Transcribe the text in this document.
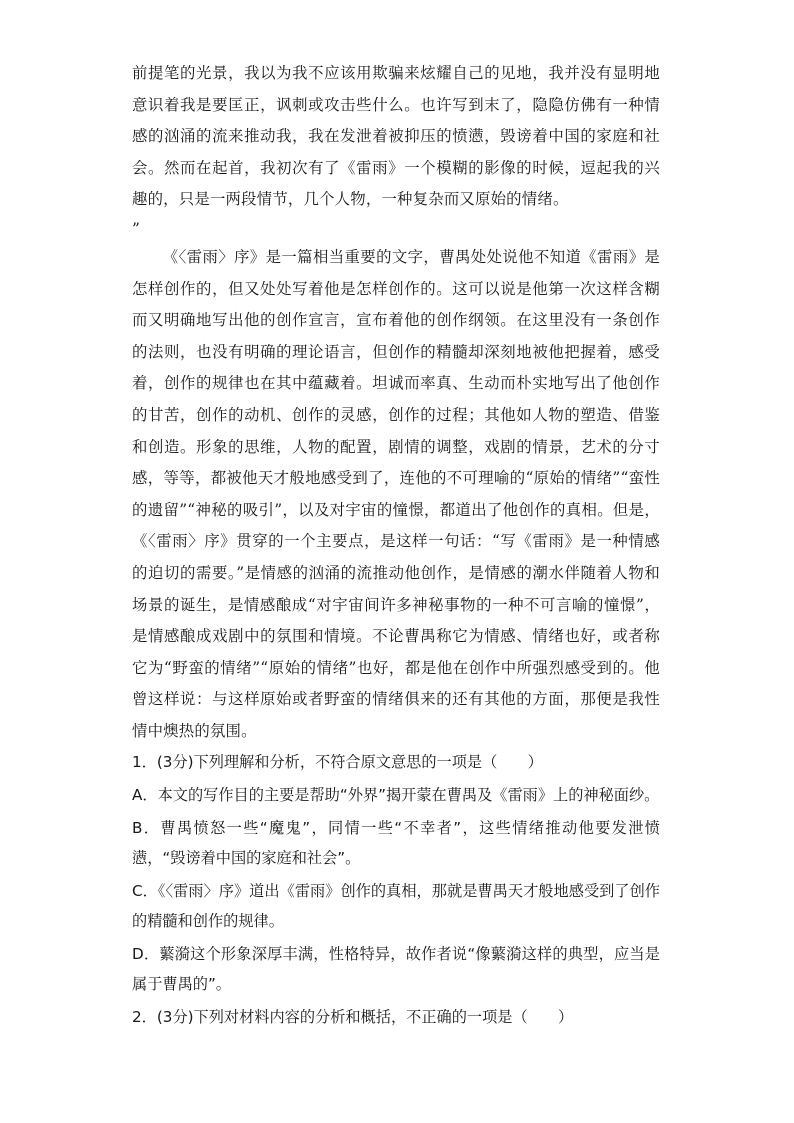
前提笔的光景，我以为我不应该用欺骗来炫耀自己的见地，我并没有显明地意识着我是要匡正，讽刺或攻击些什么。也许写到末了，隐隐仿佛有一种情感的汹涌的流来推动我，我在发泄着被抑压的愤懑，毁谤着中国的家庭和社会。然而在起首，我初次有了《雷雨》一个模糊的影像的时候，逗起我的兴趣的，只是一两段情节，几个人物，一种复杂而又原始的情绪。

”

《〈雷雨〉序》是一篇相当重要的文字，曹禺处处说他不知道《雷雨》是怎样创作的，但又处处写着他是怎样创作的。这可以说是他第一次这样含糊而又明确地写出他的创作宣言，宣布着他的创作纲领。在这里没有一条创作的法则，也没有明确的理论语言，但创作的精髓却深刻地被他把握着，感受着，创作的规律也在其中蕴藏着。坦诚而率真、生动而朴实地写出了他创作的甘苦，创作的动机、创作的灵感，创作的过程；其他如人物的塑造、借鉴和创造。形象的思维，人物的配置，剧情的调整，戏剧的情景，艺术的分寸感，等等，都被他天才般地感受到了，连他的不可理喻的“原始的情绪”“蛮性的遗留”“神秘的吸引”，以及对宇宙的憧憬，都道出了他创作的真相。但是，《〈雷雨〉序》贯穿的一个主要点，是这样一句话：“写《雷雨》是一种情感的迫切的需要。”是情感的汹涌的流推动他创作，是情感的潮水伴随着人物和场景的诞生，是情感酿成“对宇宙间许多神秘事物的一种不可言喻的憧憬”，是情感酿成戏剧中的氛围和情境。不论曹禺称它为情感、情绪也好，或者称它为“野蛮的情绪”“原始的情绪”也好，都是他在创作中所强烈感受到的。他曾这样说：与这样原始或者野蛮的情绪俱来的还有其他的方面，那便是我性情中燠热的氛围。

1．(3分)下列理解和分析，不符合原文意思的一项是（　　）

A．本文的写作目的主要是帮助“外界”揭开蒙在曹禺及《雷雨》上的神秘面纱。

B．曹禺愤怒一些“魔鬼”，同情一些“不幸者”，这些情绪推动他要发泄愤懑，“毁谤着中国的家庭和社会”。

C．《〈雷雨〉序》道出《雷雨》创作的真相，那就是曹禺天才般地感受到了创作的精髓和创作的规律。

D．蘩漪这个形象深厚丰满，性格特异，故作者说“像蘩漪这样的典型，应当是属于曹禺的”。

2．(3分)下列对材料内容的分析和概括，不正确的一项是（　　）
